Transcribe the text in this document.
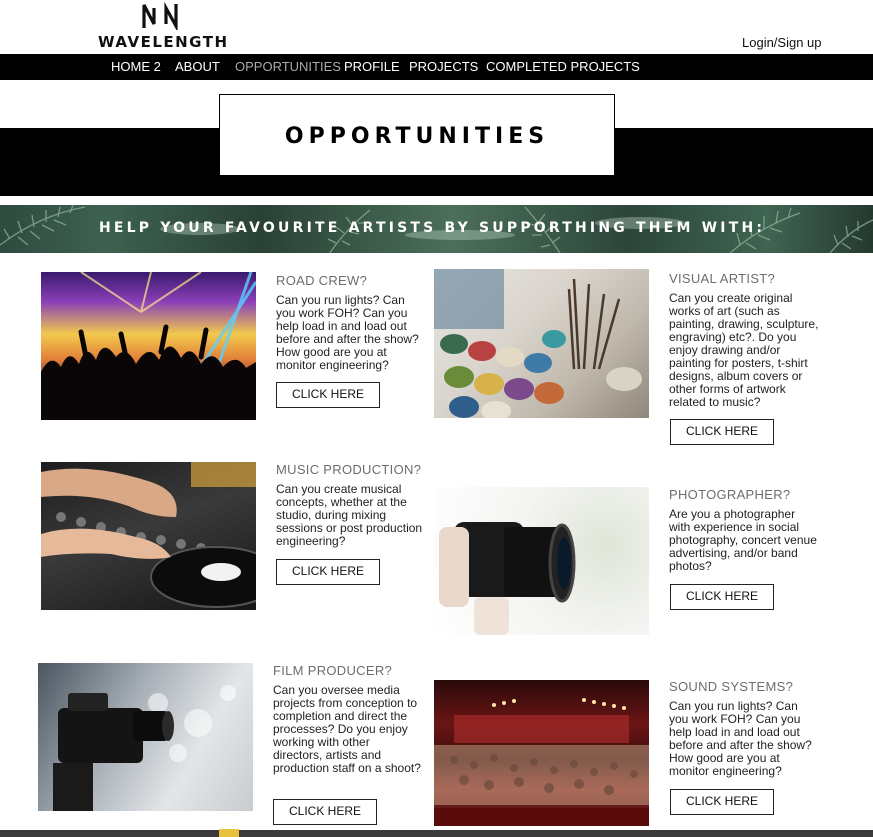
WAVELENGTH	Login/Sign up
HOME 2 ABOUT OPPORTUNITIES PROFILE PROJECTS COMPLETED PROJECTS
OPPORTUNITIES
HELP YOUR FAVOURITE ARTISTS BY SUPPORTHING THEM WITH:
ROAD CREW?
Can you run lights? Can you work FOH? Can you help load in and load out before and after the show? How good are you at monitor engineering?
CLICK HERE
VISUAL ARTIST?
Can you create original works of art (such as painting, drawing, sculpture, engraving) etc?. Do you enjoy drawing and/or painting for posters, t-shirt designs, album covers or other forms of artwork related to music?
CLICK HERE
MUSIC PRODUCTION?
Can you create musical concepts, whether at the studio, during mixing sessions or post production engineering?
CLICK HERE
PHOTOGRAPHER?
Are you a photographer with experience in social photography, concert venue advertising, and/or band photos?
CLICK HERE
FILM PRODUCER?
Can you oversee media projects from conception to completion and direct the processes? Do you enjoy working with other directors, artists and production staff on a shoot?
CLICK HERE
SOUND SYSTEMS?
Can you run lights? Can you work FOH? Can you help load in and load out before and after the show? How good are you at monitor engineering?
CLICK HERE
